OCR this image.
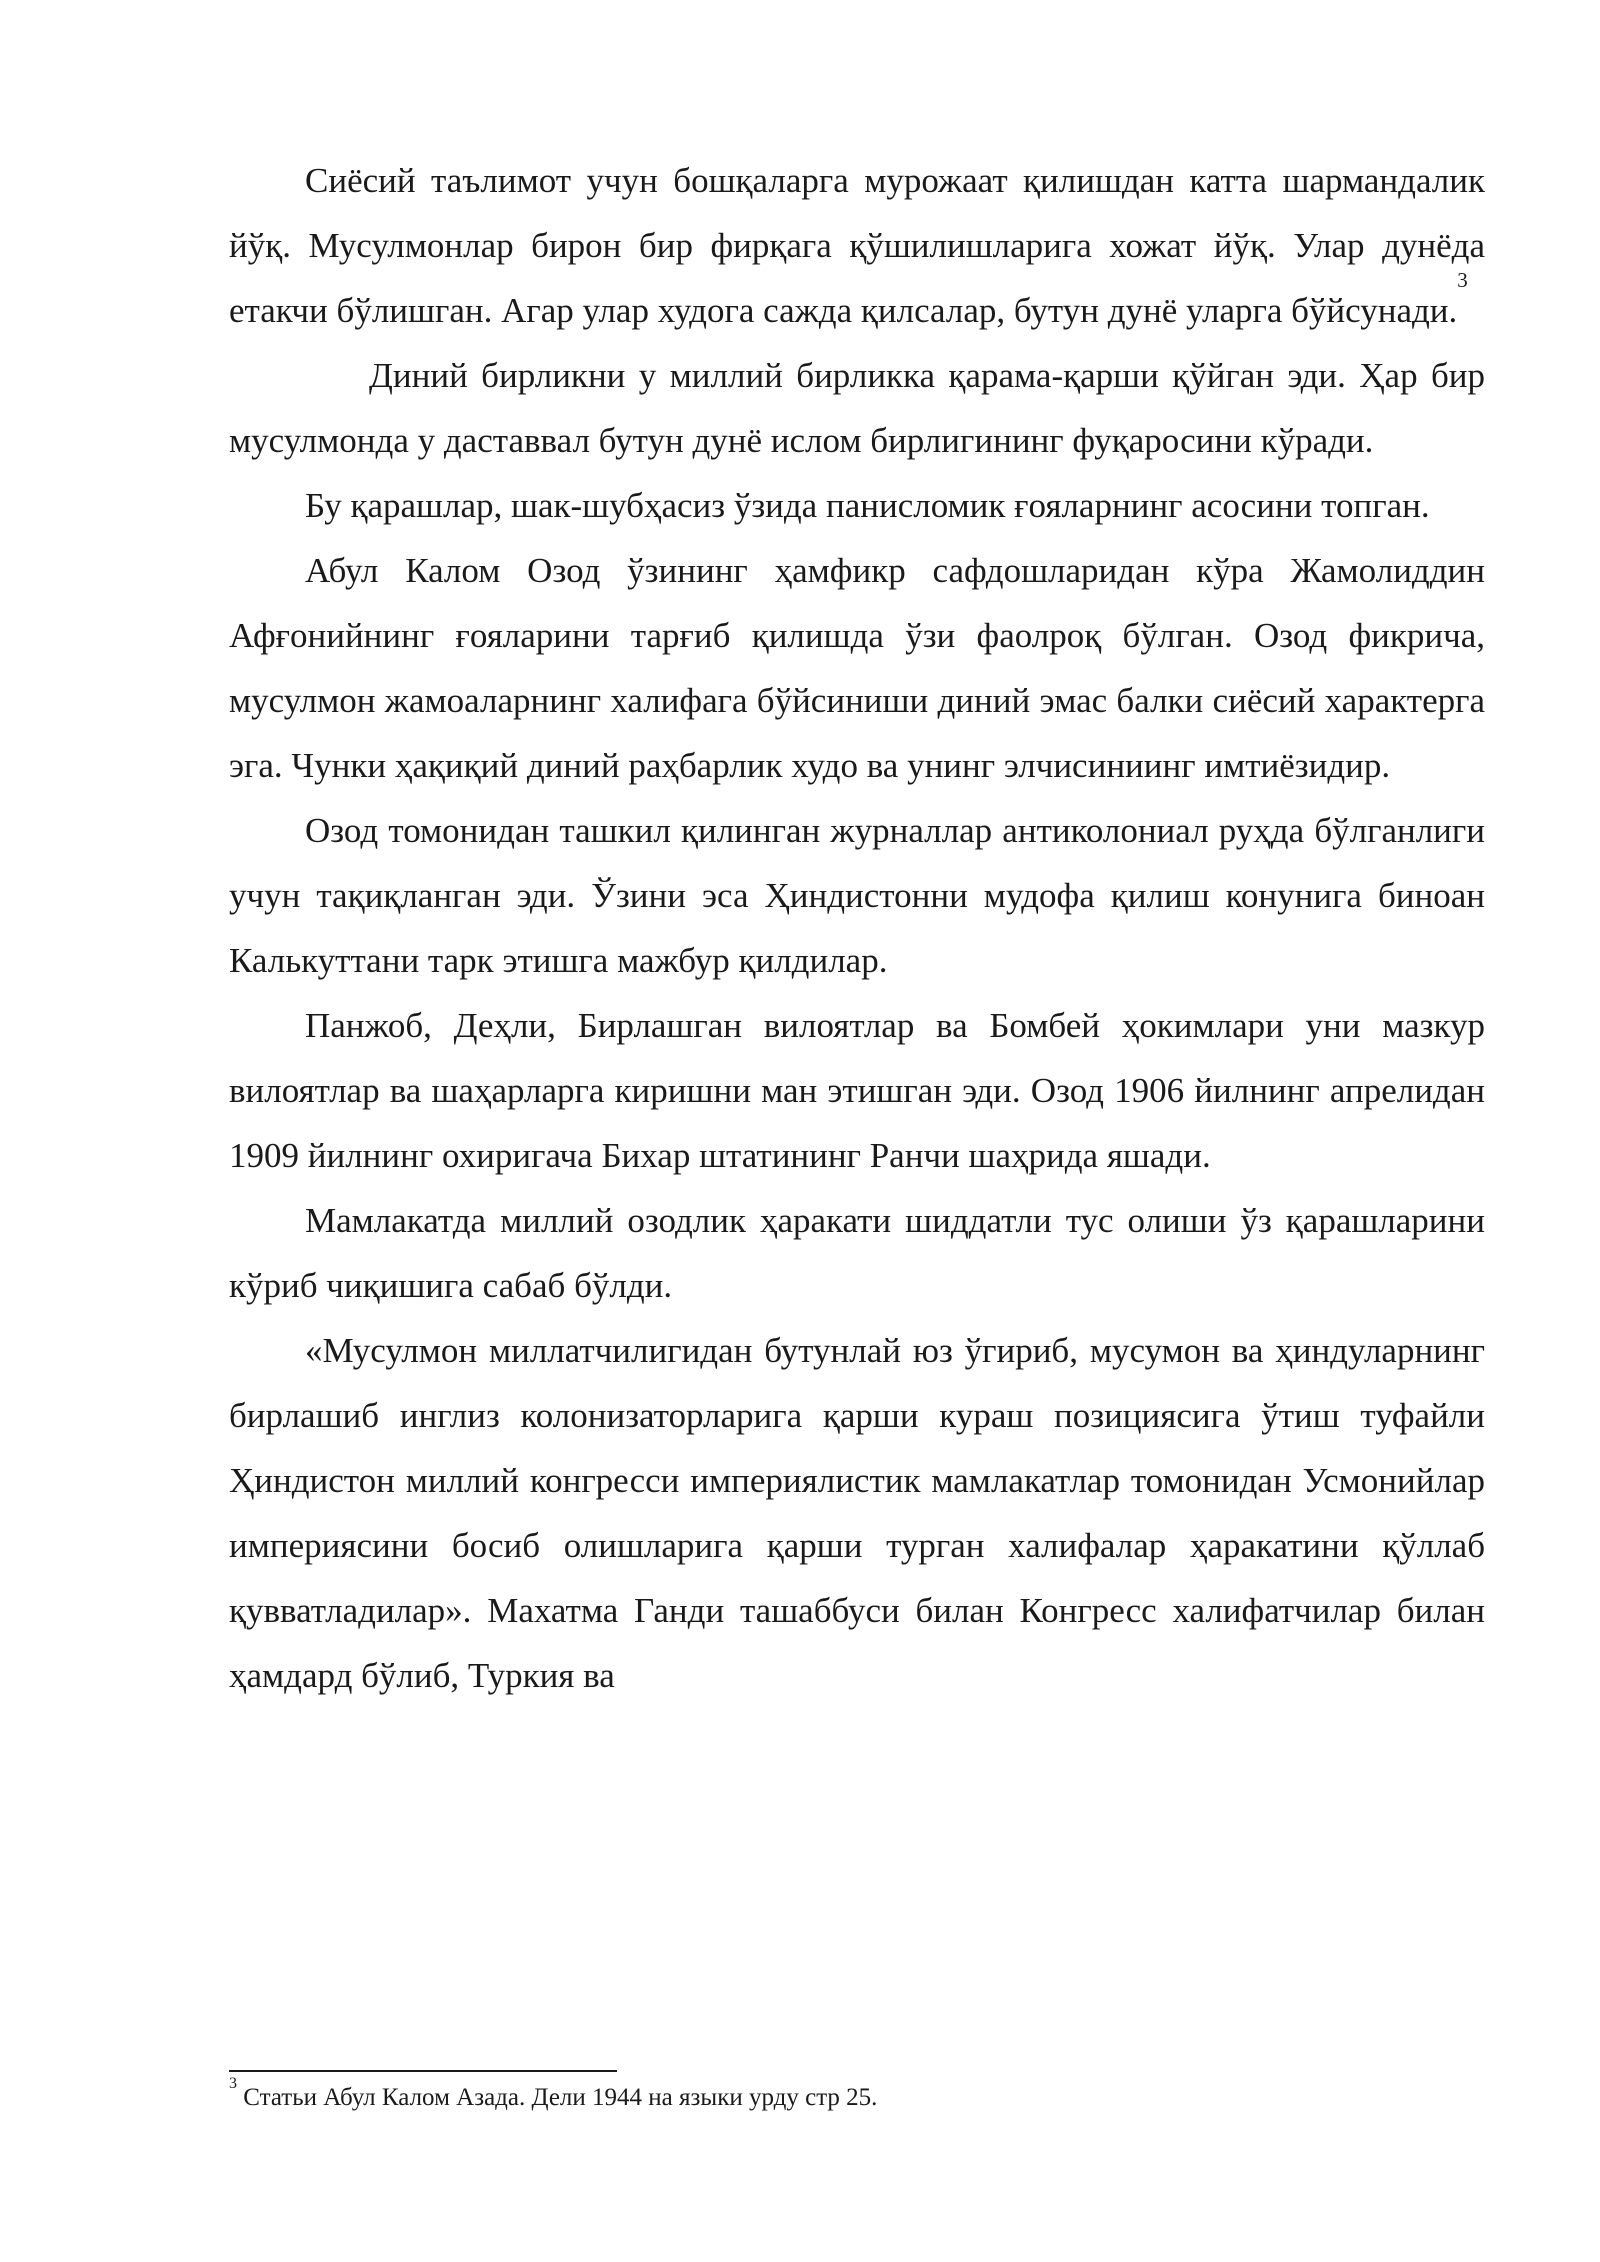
Сиёсий таълимот учун бошқаларга мурожаат қилишдан катта шармандалик йўқ. Мусулмонлар бирон бир фирқага қўшилишларига хожат йўқ. Улар дунёда етакчи бўлишган. Агар улар худога сажда қилсалар, бутун дунё уларга бўйсунади.$^3$

Диний бирликни у миллий бирликка қарама-қарши қўйган эди. Ҳар бир мусулмонда у даставвал бутун дунё ислом бирлигининг фуқаросини кўради.

Бу қарашлар, шак-шубҳасиз ўзида панисломик ғояларнинг асосини топган.

Абул Калом Озод ўзининг ҳамфикр сафдошларидан кўра Жамолиддин Афғонийнинг ғояларини тарғиб қилишда ўзи фаолроқ бўлган. Озод фикрича, мусулмон жамоаларнинг халифага бўйсиниши диний эмас балки сиёсий характерга эга. Чунки ҳақиқий диний раҳбарлик худо ва унинг элчисиниинг имтиёзидир.

Озод томонидан ташкил қилинган журналлар антиколониал руҳда бўлганлиги учун тақиқланган эди. Ўзини эса Ҳиндистонни мудофа қилиш конунига биноан Калькуттани тарк этишга мажбур қилдилар.

Панжоб, Деҳли, Бирлашган вилоятлар ва Бомбей ҳокимлари уни мазкур вилоятлар ва шаҳарларга киришни ман этишган эди. Озод 1906 йилнинг апрелидан 1909 йилнинг охиригача Бихар штатининг Ранчи шаҳрида яшади.

Мамлакатда миллий озодлик ҳаракати шиддатли тус олиши ўз қарашларини кўриб чиқишига сабаб бўлди.

«Мусулмон миллатчилигидан бутунлай юз ўгириб, мусумон ва ҳиндуларнинг бирлашиб инглиз колонизаторларига қарши кураш позициясига ўтиш туфайли Ҳиндистон миллий конгресси империялистик мамлакатлар томонидан Усмонийлар империясини босиб олишларига қарши турган халифалар ҳаракатини қўллаб қувватладилар». Махатма Ганди ташаббуси билан Конгресс халифатчилар билан ҳамдард бўлиб, Туркия ва

$^3$ Статьи Абул Калом Азада. Дели 1944 на языки урду стр 25.
